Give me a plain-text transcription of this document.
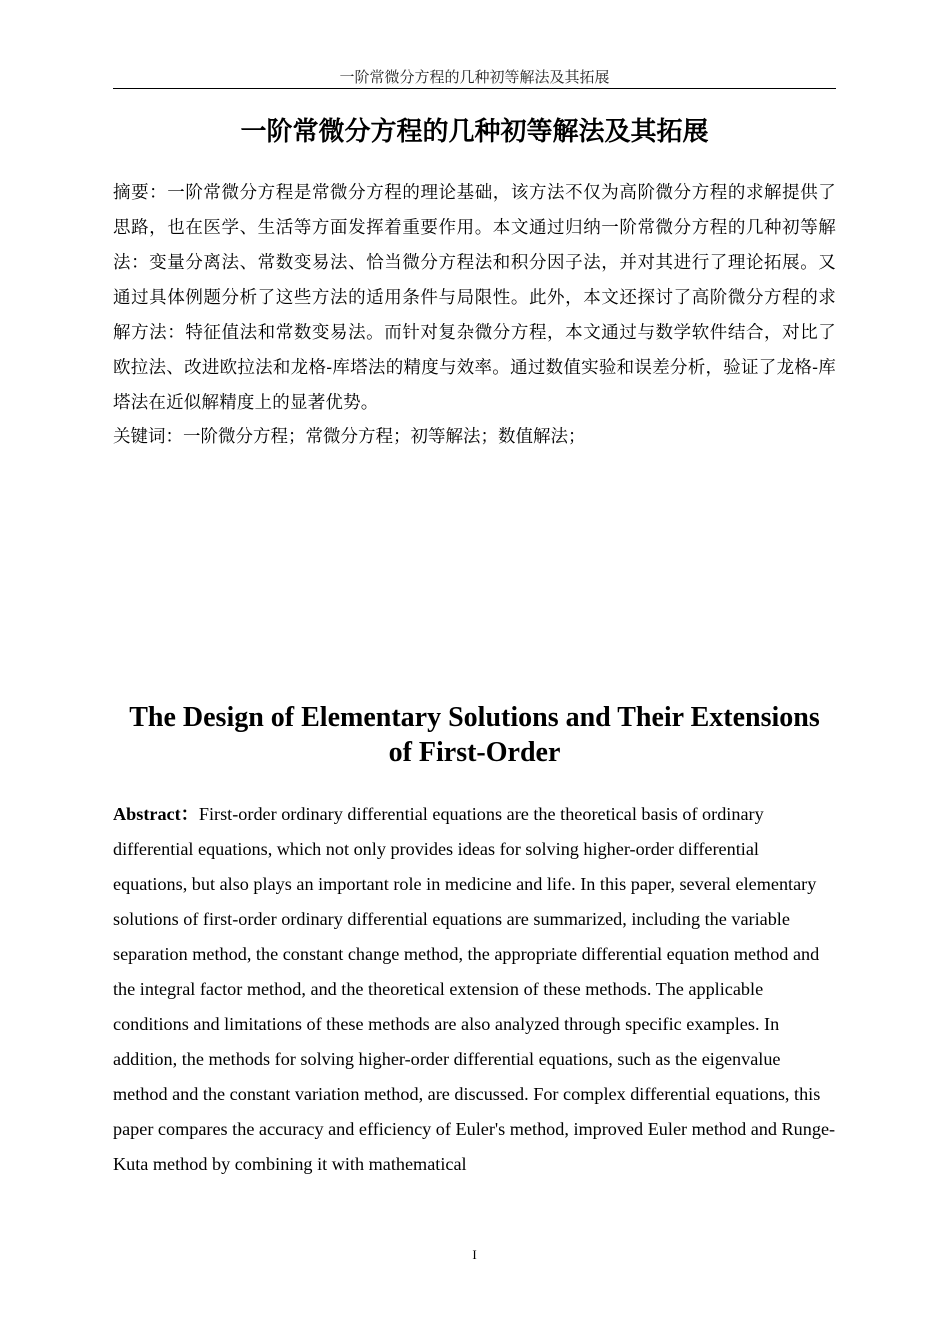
一阶常微分方程的几种初等解法及其拓展
一阶常微分方程的几种初等解法及其拓展
摘要：一阶常微分方程是常微分方程的理论基础，该方法不仅为高阶微分方程的求解提供了思路，也在医学、生活等方面发挥着重要作用。本文通过归纳一阶常微分方程的几种初等解法：变量分离法、常数变易法、恰当微分方程法和积分因子法，并对其进行了理论拓展。又通过具体例题分析了这些方法的适用条件与局限性。此外，本文还探讨了高阶微分方程的求解方法：特征值法和常数变易法。而针对复杂微分方程，本文通过与数学软件结合，对比了欧拉法、改进欧拉法和龙格-库塔法的精度与效率。通过数值实验和误差分析，验证了龙格-库塔法在近似解精度上的显著优势。
关键词：一阶微分方程；常微分方程；初等解法；数值解法；
The Design of Elementary Solutions and Their Extensions
of First-Order
Abstract：First-order ordinary differential equations are the theoretical basis of ordinary differential equations, which not only provides ideas for solving higher-order differential equations, but also plays an important role in medicine and life. In this paper, several elementary solutions of first-order ordinary differential equations are summarized, including the variable separation method, the constant change method, the appropriate differential equation method and the integral factor method, and the theoretical extension of these methods. The applicable conditions and limitations of these methods are also analyzed through specific examples. In addition, the methods for solving higher-order differential equations, such as the eigenvalue method and the constant variation method, are discussed. For complex differential equations, this paper compares the accuracy and efficiency of Euler's method, improved Euler method and Runge-Kuta method by combining it with mathematical
I
